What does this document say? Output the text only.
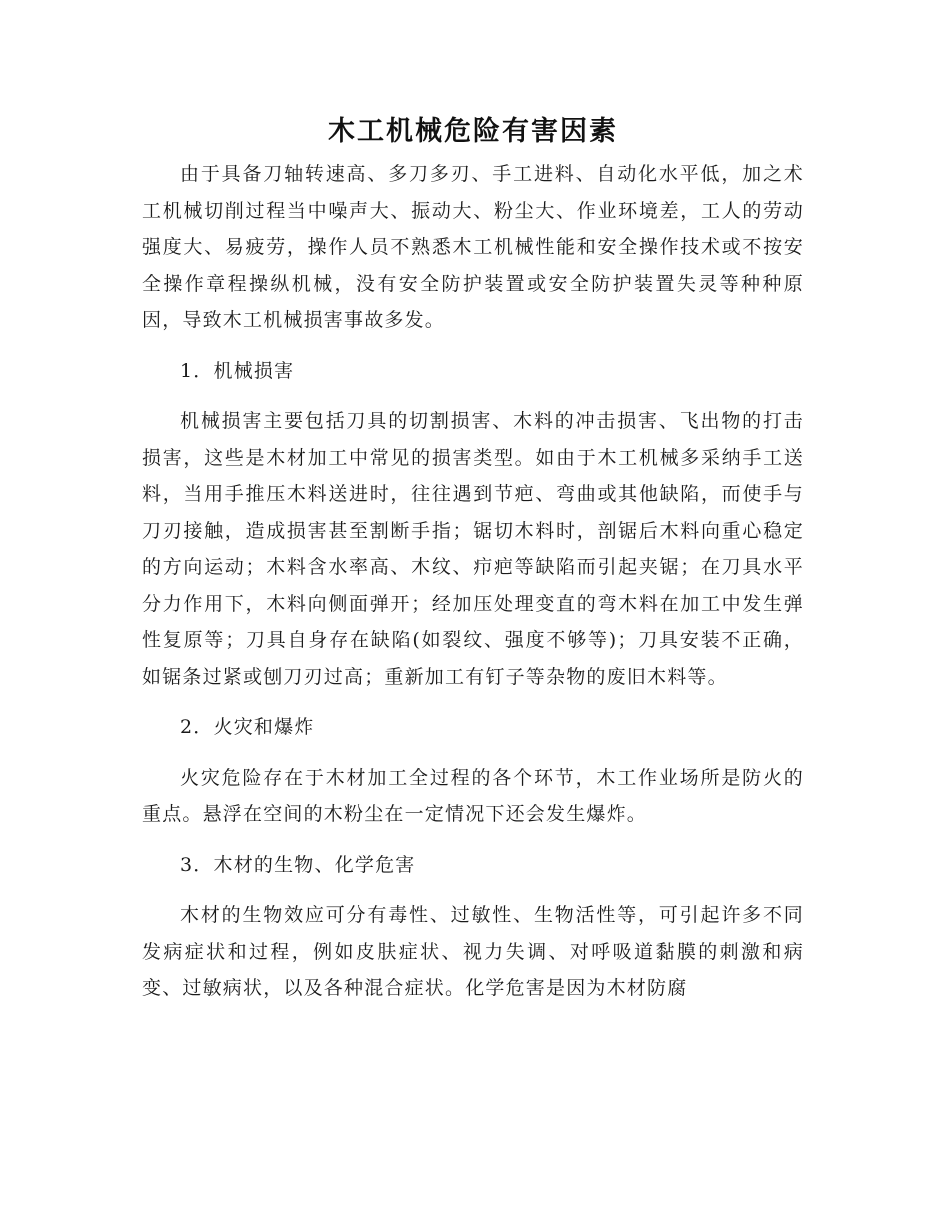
木工机械危险有害因素

由于具备刀轴转速高、多刀多刃、手工进料、自动化水平低，加之术工机械切削过程当中噪声大、振动大、粉尘大、作业环境差，工人的劳动强度大、易疲劳，操作人员不熟悉木工机械性能和安全操作技术或不按安全操作章程操纵机械，没有安全防护装置或安全防护装置失灵等种种原因，导致木工机械损害事故多发。

1．机械损害

机械损害主要包括刀具的切割损害、木料的冲击损害、飞出物的打击损害，这些是木材加工中常见的损害类型。如由于木工机械多采纳手工送料，当用手推压木料送进时，往往遇到节疤、弯曲或其他缺陷，而使手与刀刃接触，造成损害甚至割断手指；锯切木料时，剖锯后木料向重心稳定的方向运动；木料含水率高、木纹、疖疤等缺陷而引起夹锯；在刀具水平分力作用下，木料向侧面弹开；经加压处理变直的弯木料在加工中发生弹性复原等；刀具自身存在缺陷(如裂纹、强度不够等)；刀具安装不正确，如锯条过紧或刨刀刃过高；重新加工有钉子等杂物的废旧木料等。

2．火灾和爆炸

火灾危险存在于木材加工全过程的各个环节，木工作业场所是防火的重点。悬浮在空间的木粉尘在一定情况下还会发生爆炸。

3．木材的生物、化学危害

木材的生物效应可分有毒性、过敏性、生物活性等，可引起许多不同发病症状和过程，例如皮肤症状、视力失调、对呼吸道黏膜的刺激和病变、过敏病状，以及各种混合症状。化学危害是因为木材防腐
